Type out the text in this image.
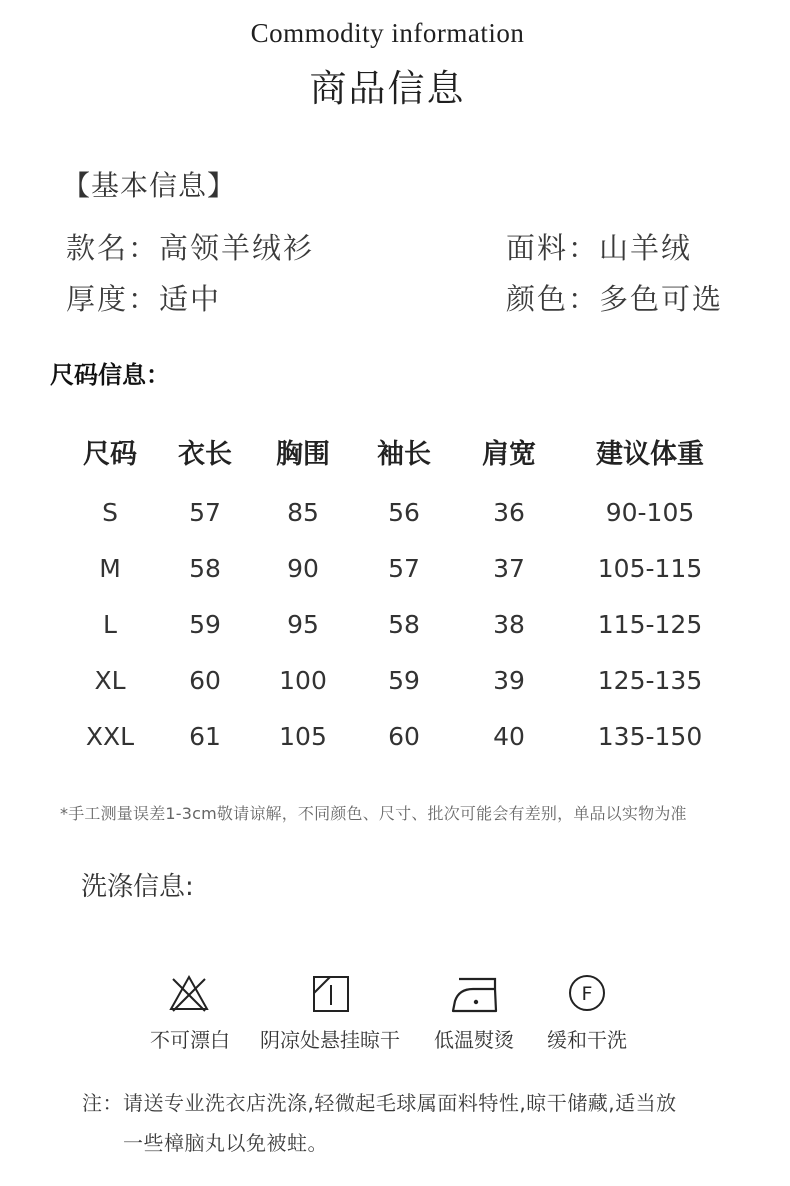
Commodity information
商品信息
【基本信息】
款名：高领羊绒衫	面料：山羊绒
厚度：适中	颜色：多色可选
尺码信息：
尺码	衣长	胸围	袖长	肩宽	建议体重
S	57	85	56	36	90-105
M	58	90	57	37	105-115
L	59	95	58	38	115-125
XL	60	100	59	39	125-135
XXL	61	105	60	40	135-150
*手工测量误差1-3cm敬请谅解，不同颜色、尺寸、批次可能会有差别，单品以实物为准
洗涤信息:
F
不可漂白	阴凉处悬挂晾干	低温熨烫	缓和干洗
注：请送专业洗衣店洗涤,轻微起毛球属面料特性,晾干储藏,适当放
一些樟脑丸以免被蛀。
